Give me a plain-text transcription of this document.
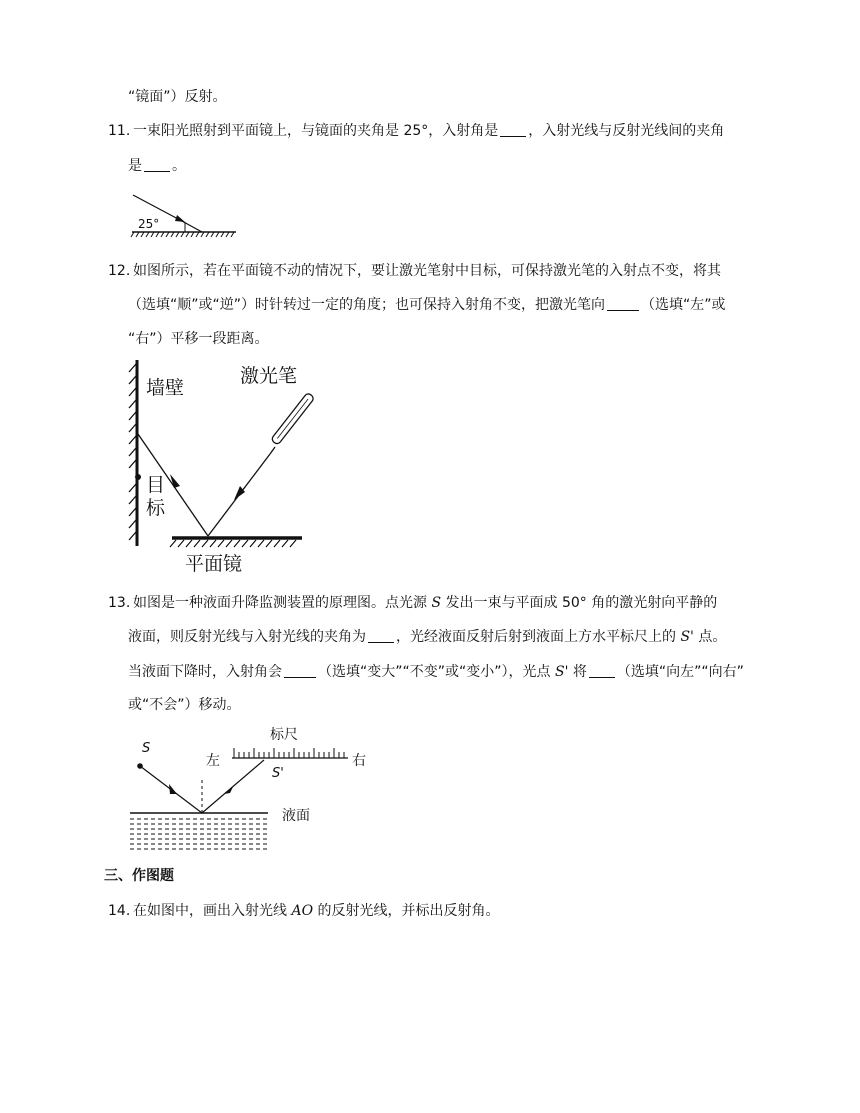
“镜面”）反射。
11. 一束阳光照射到平面镜上，与镜面的夹角是 25°，入射角是 ，入射光线与反射光线间的夹角
是 。
25°
12. 如图所示，若在平面镜不动的情况下，要让激光笔射中目标，可保持激光笔的入射点不变，将其
（选填“顺”或“逆”）时针转过一定的角度；也可保持入射角不变，把激光笔向	（选填“左”或
“右”）平移一段距离。
墙壁
激光笔
目
标
平面镜
13. 如图是一种液面升降监测装置的原理图。点光源 S 发出一束与平面成 50° 角的激光射向平静的
液面，则反射光线与入射光线的夹角为 ，光经液面反射后射到液面上方水平标尺上的 S' 点。
当液面下降时，入射角会	（选填“变大”“不变”或“变小”），光点 S' 将 （选填“向左”“向右”
或“不会”）移动。
标尺
左	右
S
S'
液面
三、作图题
14. 在如图中，画出入射光线 AO 的反射光线，并标出反射角。
